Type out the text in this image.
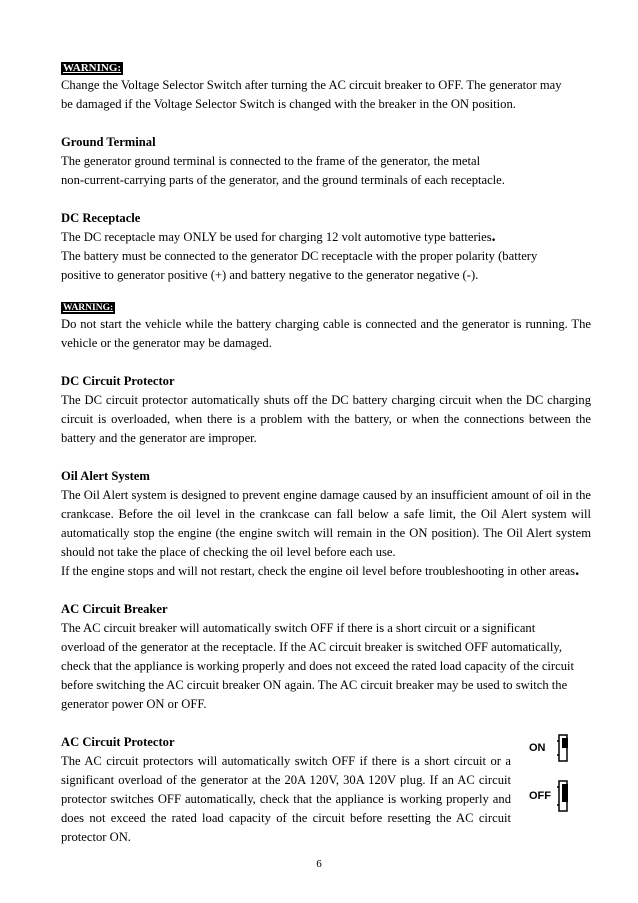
WARNING:

Change the Voltage Selector Switch after turning the AC circuit breaker to OFF. The generator may

be damaged if the Voltage Selector Switch is changed with the breaker in the ON position.

Ground Terminal

The generator ground terminal is connected to the frame of the generator, the metal

non-current-carrying parts of the generator, and the ground terminals of each receptacle.

DC Receptacle

The DC receptacle may ONLY be used for charging 12 volt automotive type batteries.

The battery must be connected to the generator DC receptacle with the proper polarity (battery

positive to generator positive (+) and battery negative to the generator negative (-).

WARNING:

Do not start the vehicle while the battery charging cable is connected and the generator is running. The vehicle or the generator may be damaged.

DC Circuit Protector

The DC circuit protector automatically shuts off the DC battery charging circuit when the DC charging circuit is overloaded, when there is a problem with the battery, or when the connections between the battery and the generator are improper.

Oil Alert System

The Oil Alert system is designed to prevent engine damage caused by an insufficient amount of oil in the crankcase. Before the oil level in the crankcase can fall below a safe limit, the Oil Alert system will automatically stop the engine (the engine switch will remain in the ON position). The Oil Alert system should not take the place of checking the oil level before each use.

If the engine stops and will not restart, check the engine oil level before troubleshooting in other areas.

AC Circuit Breaker

The AC circuit breaker will automatically switch OFF if there is a short circuit or a significant

overload of the generator at the receptacle. If the AC circuit breaker is switched OFF automatically,

check that the appliance is working properly and does not exceed the rated load capacity of the circuit

before switching the AC circuit breaker ON again. The AC circuit breaker may be used to switch the

generator power ON or OFF.

AC Circuit Protector

The AC circuit protectors will automatically switch OFF if there is a short circuit or a significant overload of the generator at the 20A 120V, 30A 120V plug. If an AC circuit protector switches OFF automatically, check that the appliance is working properly and does not exceed the rated load capacity of the circuit before resetting the AC circuit protector ON.

ON
OFF
6
